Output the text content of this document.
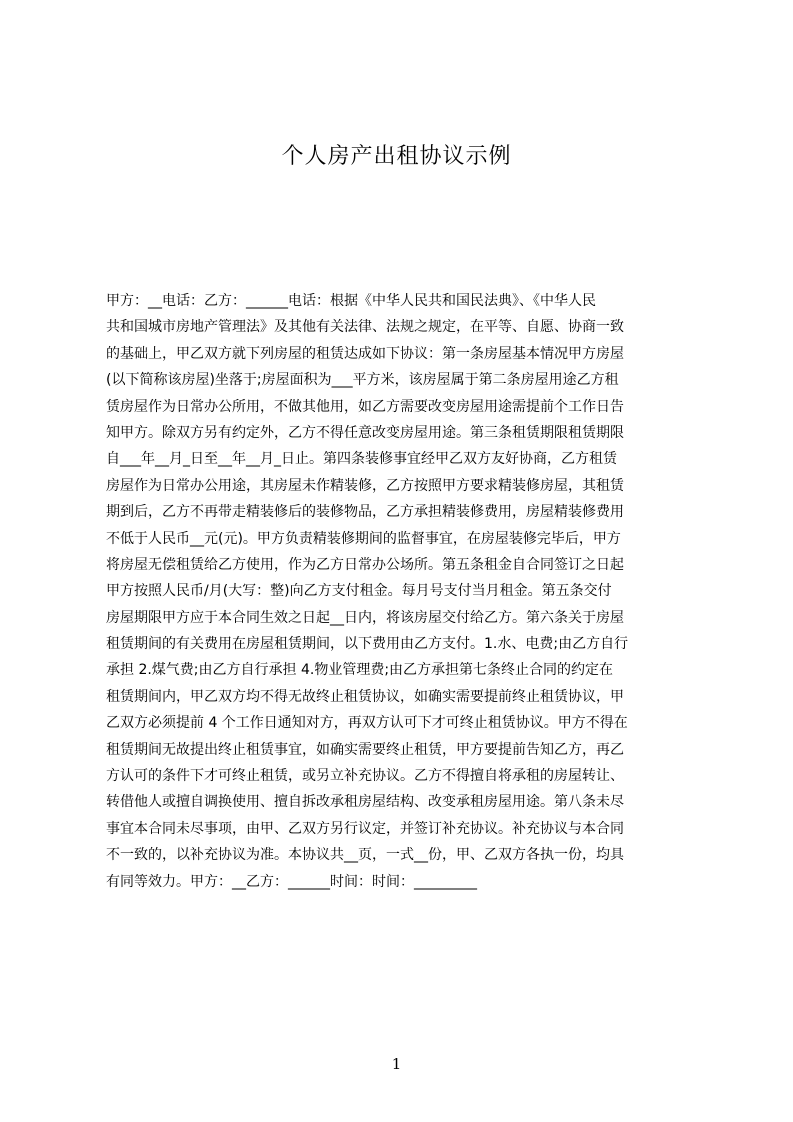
个人房产出租协议示例
甲方：__电话：乙方：______电话：根据《中华人民共和国民法典》、《中华人民
共和国城市房地产管理法》及其他有关法律、法规之规定，在平等、自愿、协商一致
的基础上，甲乙双方就下列房屋的租赁达成如下协议：第一条房屋基本情况甲方房屋
(以下简称该房屋)坐落于;房屋面积为___平方米，该房屋属于第二条房屋用途乙方租
赁房屋作为日常办公所用，不做其他用，如乙方需要改变房屋用途需提前个工作日告
知甲方。除双方另有约定外，乙方不得任意改变房屋用途。第三条租赁期限租赁期限
自___年__月_日至__年__月_日止。第四条装修事宜经甲乙双方友好协商，乙方租赁
房屋作为日常办公用途，其房屋未作精装修，乙方按照甲方要求精装修房屋，其租赁
期到后，乙方不再带走精装修后的装修物品，乙方承担精装修费用，房屋精装修费用
不低于人民币__元(元)。甲方负责精装修期间的监督事宜，在房屋装修完毕后，甲方
将房屋无偿租赁给乙方使用，作为乙方日常办公场所。第五条租金自合同签订之日起
甲方按照人民币/月(大写：整)向乙方支付租金。每月号支付当月租金。第五条交付
房屋期限甲方应于本合同生效之日起__日内，将该房屋交付给乙方。第六条关于房屋
租赁期间的有关费用在房屋租赁期间，以下费用由乙方支付。1.水、电费;由乙方自行
承担 2.煤气费;由乙方自行承担 4.物业管理费;由乙方承担第七条终止合同的约定在
租赁期间内，甲乙双方均不得无故终止租赁协议，如确实需要提前终止租赁协议，甲
乙双方必须提前 4 个工作日通知对方，再双方认可下才可终止租赁协议。甲方不得在
租赁期间无故提出终止租赁事宜，如确实需要终止租赁，甲方要提前告知乙方，再乙
方认可的条件下才可终止租赁，或另立补充协议。乙方不得擅自将承租的房屋转让、
转借他人或擅自调换使用、擅自拆改承租房屋结构、改变承租房屋用途。第八条未尽
事宜本合同未尽事项，由甲、乙双方另行议定，并签订补充协议。补充协议与本合同
不一致的，以补充协议为准。本协议共__页，一式__份，甲、乙双方各执一份，均具
有同等效力。甲方：__乙方：______时间：时间：_________
1
